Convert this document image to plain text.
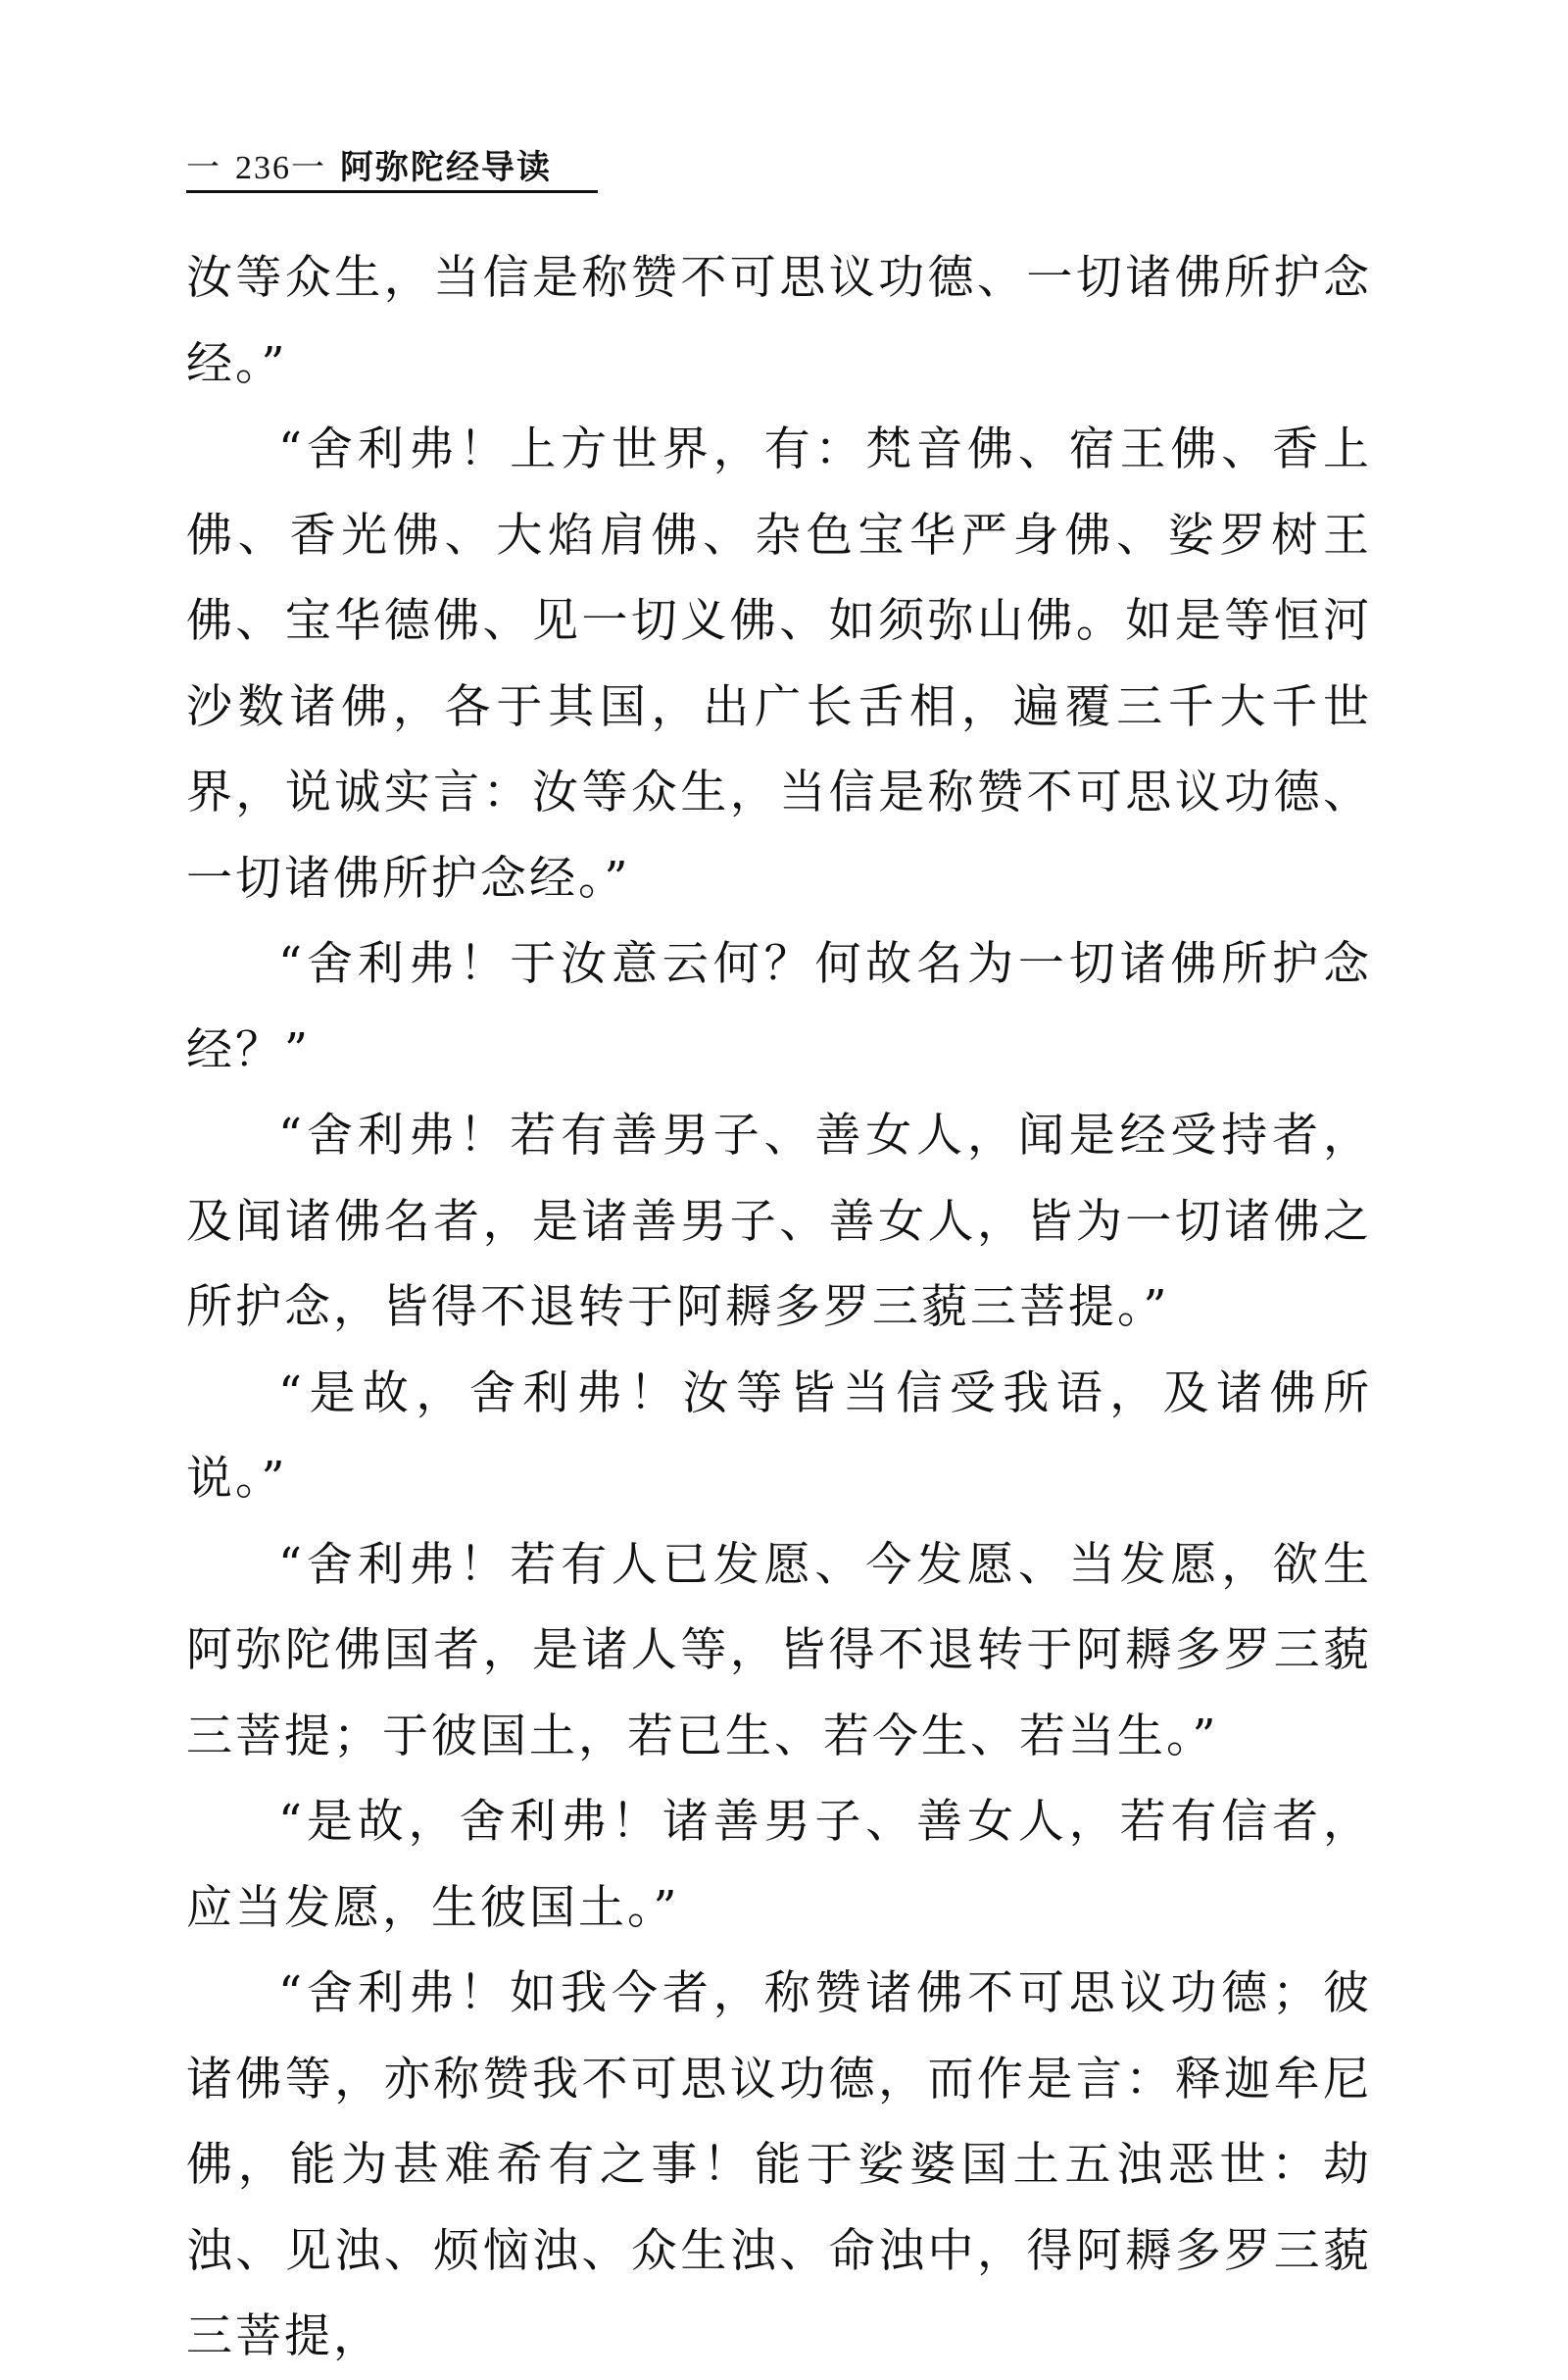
一 236一 阿弥陀经导读

汝等众生，当信是称赞不可思议功德、一切诸佛所护念经。”

“舍利弗！上方世界，有：梵音佛、宿王佛、香上佛、香光佛、大焰肩佛、杂色宝华严身佛、娑罗树王佛、宝华德佛、见一切义佛、如须弥山佛。如是等恒河沙数诸佛，各于其国，出广长舌相，遍覆三千大千世界，说诚实言：汝等众生，当信是称赞不可思议功德、一切诸佛所护念经。”

“舍利弗！于汝意云何？何故名为一切诸佛所护念经？”

“舍利弗！若有善男子、善女人，闻是经受持者，及闻诸佛名者，是诸善男子、善女人，皆为一切诸佛之所护念，皆得不退转于阿耨多罗三藐三菩提。”

“是故，舍利弗！汝等皆当信受我语，及诸佛所说。”

“舍利弗！若有人已发愿、今发愿、当发愿，欲生阿弥陀佛国者，是诸人等，皆得不退转于阿耨多罗三藐三菩提；于彼国土，若已生、若今生、若当生。”

“是故，舍利弗！诸善男子、善女人，若有信者，应当发愿，生彼国土。”

“舍利弗！如我今者，称赞诸佛不可思议功德；彼诸佛等，亦称赞我不可思议功德，而作是言：释迦牟尼佛，能为甚难希有之事！能于娑婆国土五浊恶世：劫浊、见浊、烦恼浊、众生浊、命浊中，得阿耨多罗三藐三菩提，
